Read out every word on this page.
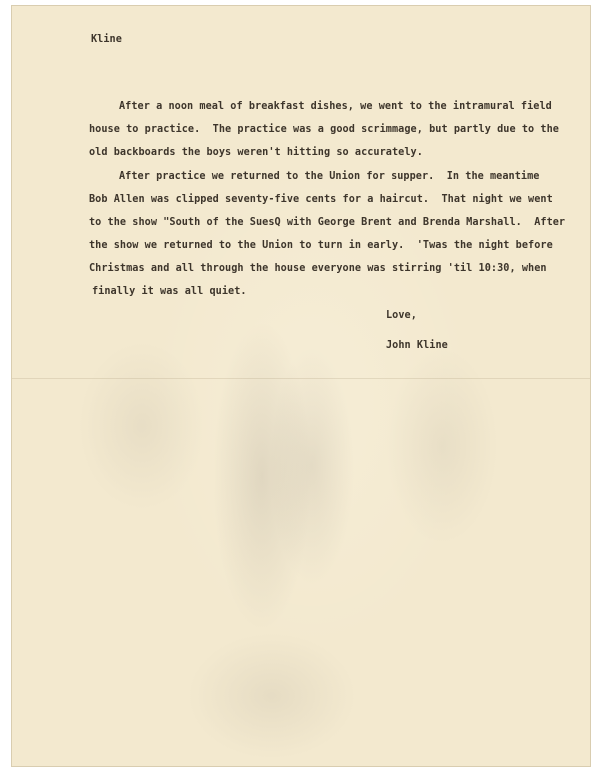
Kline
After a noon meal of breakfast dishes, we went to the intramural field
house to practice.  The practice was a good scrimmage, but partly due to the
old backboards the boys weren't hitting so accurately.
After practice we returned to the Union for supper.  In the meantime
Bob Allen was clipped seventy-five cents for a haircut.  That night we went
to the show "South of the SuesQ with George Brent and Brenda Marshall.  After
the show we returned to the Union to turn in early.  'Twas the night before
Christmas and all through the house everyone was stirring 'til 10:30, when
finally it was all quiet.
Love,
John Kline
